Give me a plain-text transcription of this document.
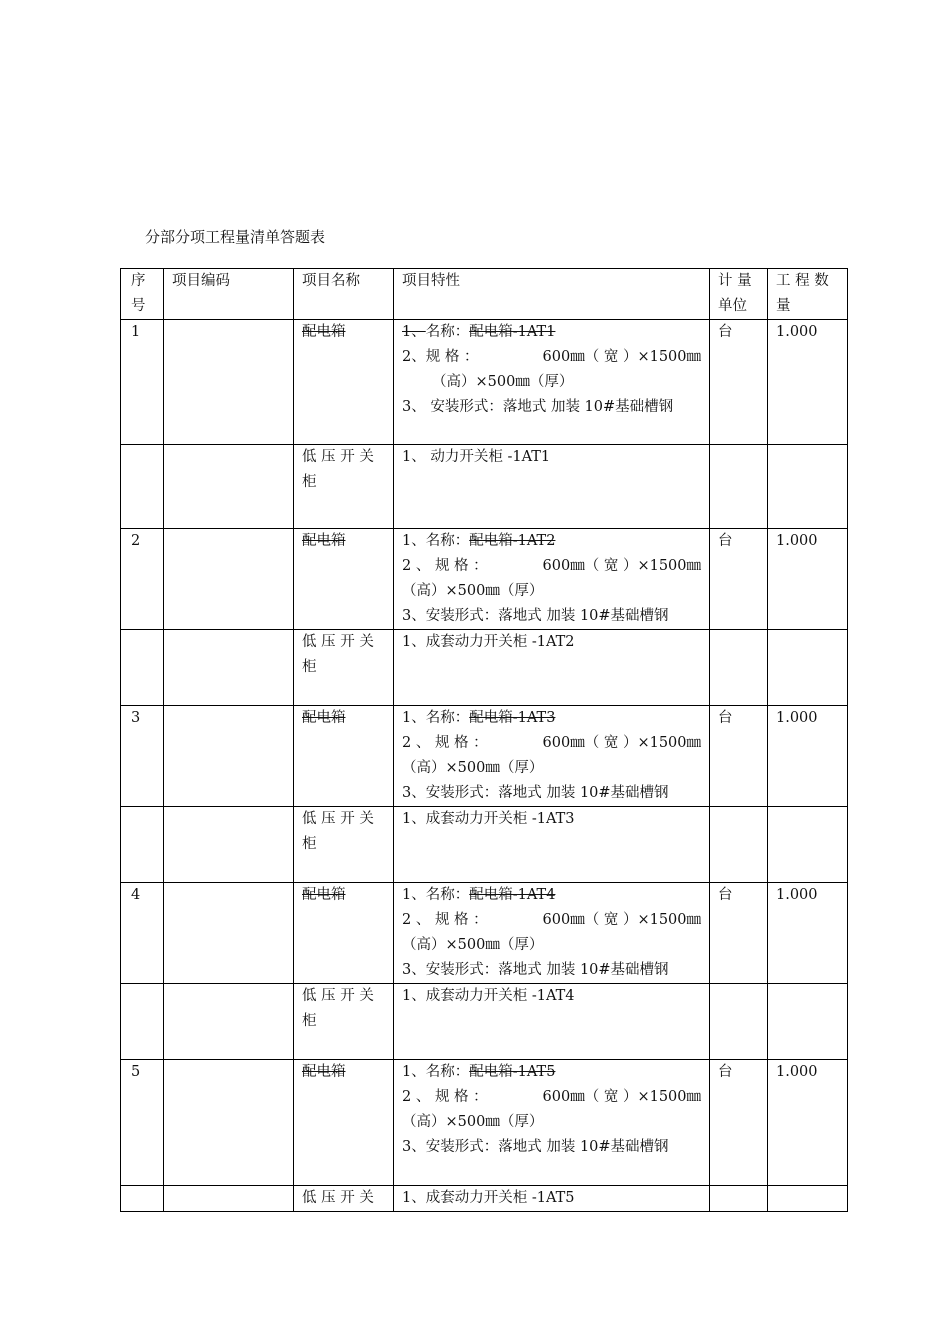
分部分项工程量清单答题表
序
号	项目编码	项目名称	项目特性	计 量
单位	工 程 数
量

1		配电箱	1、名称：配电箱-1AT1
2、规 格 ： 600㎜（ 宽 ）×1500㎜
（高）×500㎜（厚）
3、 安装形式：落地式 加装 10#基础槽钢	台	1.000

		低 压 开 关
柜	1、 动力开关柜 -1AT1		
2		配电箱	1、名称：配电箱-1AT2
2 、 规 格 ： 600㎜（ 宽 ）×1500㎜
（高）×500㎜（厚）
3、安装形式：落地式 加装 10#基础槽钢	台	1.000

		低 压 开 关
柜	1、成套动力开关柜 -1AT2		
3		配电箱	1、名称：配电箱-1AT3
2 、 规 格 ： 600㎜（ 宽 ）×1500㎜
（高）×500㎜（厚）
3、安装形式：落地式 加装 10#基础槽钢	台	1.000

		低 压 开 关
柜	1、成套动力开关柜 -1AT3		
4		配电箱	1、名称：配电箱-1AT4
2 、 规 格 ： 600㎜（ 宽 ）×1500㎜
（高）×500㎜（厚）
3、安装形式：落地式 加装 10#基础槽钢	台	1.000

		低 压 开 关
柜	1、成套动力开关柜 -1AT4		
5		配电箱	1、名称：配电箱-1AT5
2 、 规 格 ： 600㎜（ 宽 ）×1500㎜
（高）×500㎜（厚）
3、安装形式：落地式 加装 10#基础槽钢	台	1.000
		低 压 开 关	1、成套动力开关柜 -1AT5		
